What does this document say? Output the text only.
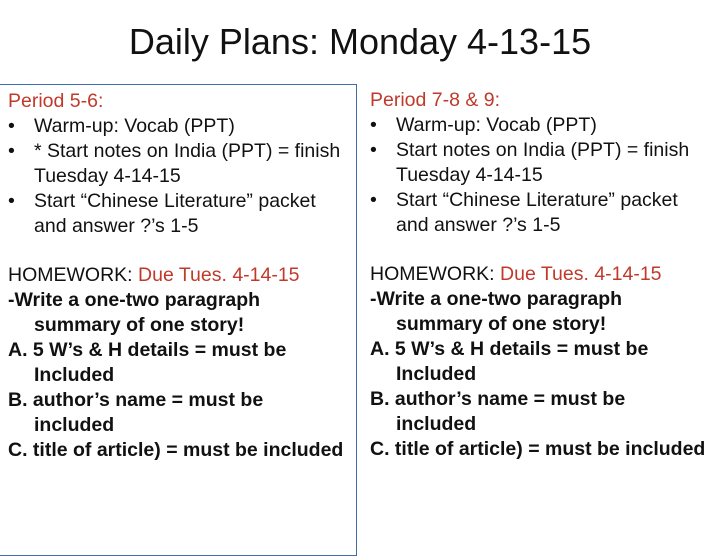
Daily Plans: Monday 4-13-15
Period 5-6:
• Warm-up: Vocab (PPT)
• * Start notes on India (PPT) = finish Tuesday 4-14-15
• Start “Chinese Literature” packet and answer ?’s 1-5
HOMEWORK: Due Tues. 4-14-15
-Write a one-two paragraph summary of one story!
A. 5 W’s & H details = must be Included
B. author’s name = must be included
C. title of article) = must be included
Period 7-8 & 9:
• Warm-up: Vocab (PPT)
• Start notes on India (PPT) = finish Tuesday 4-14-15
• Start “Chinese Literature” packet and answer ?’s 1-5
HOMEWORK: Due Tues. 4-14-15
-Write a one-two paragraph summary of one story!
A. 5 W’s & H details = must be Included
B. author’s name = must be included
C. title of article) = must be included
